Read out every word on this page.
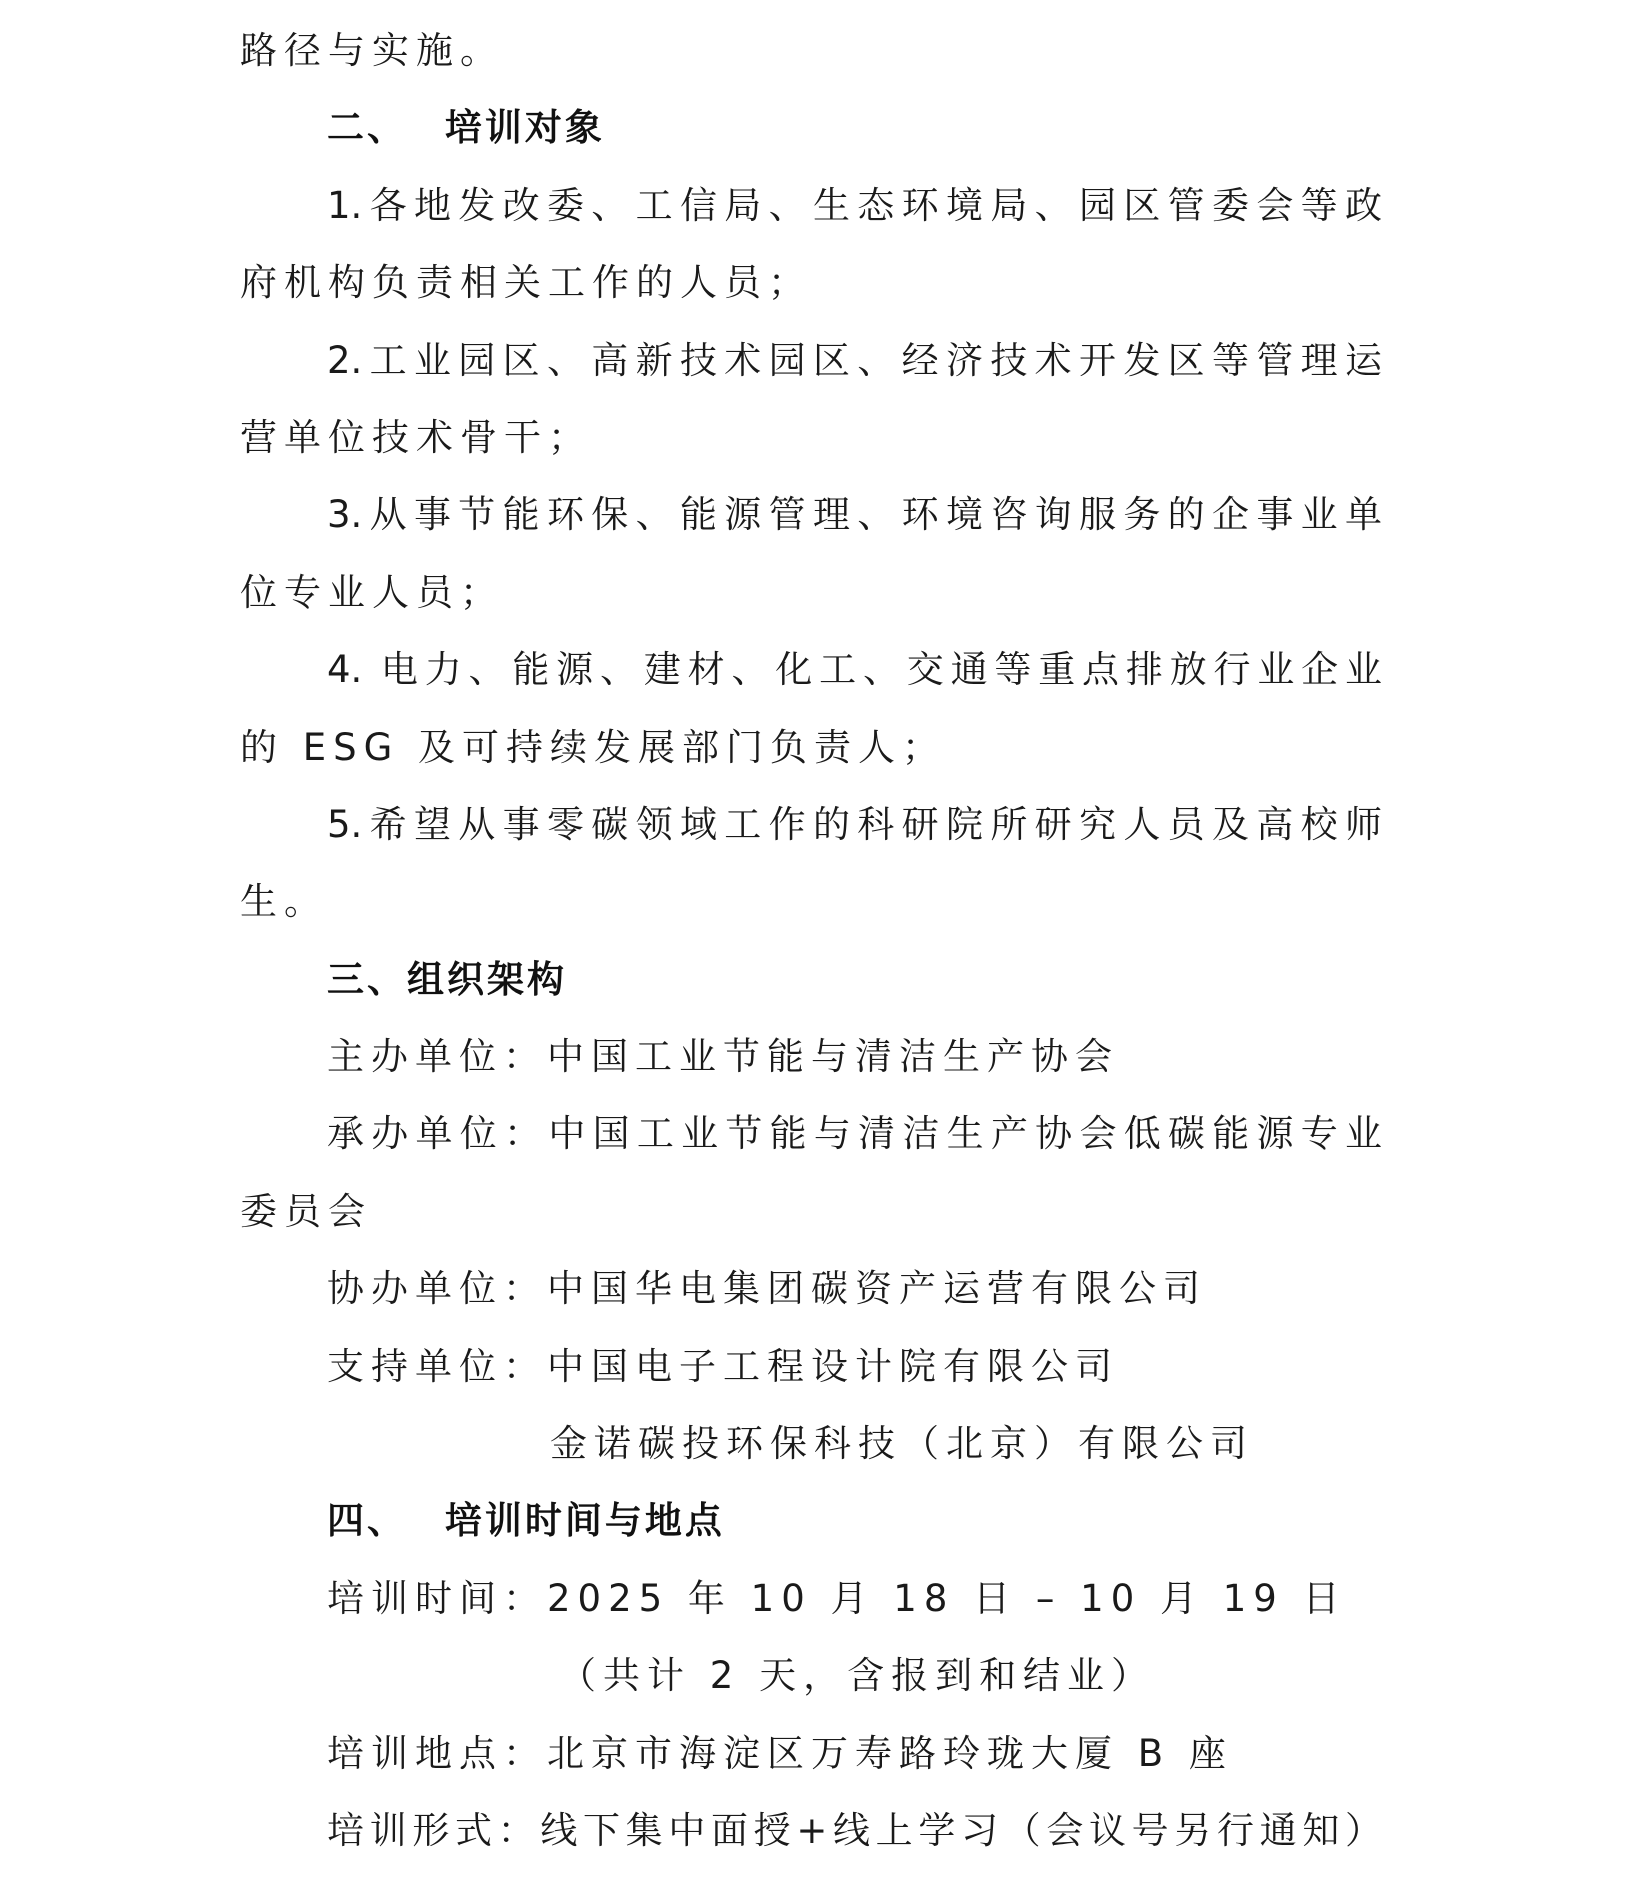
路径与实施。
二、 培训对象
1.各地发改委、工信局、生态环境局、园区管委会等政
府机构负责相关工作的人员；
2.工业园区、高新技术园区、经济技术开发区等管理运
营单位技术骨干；
3.从事节能环保、能源管理、环境咨询服务的企事业单
位专业人员；
4. 电力、能源、建材、化工、交通等重点排放行业企业
的 ESG 及可持续发展部门负责人；
5.希望从事零碳领域工作的科研院所研究人员及高校师
生。
三、组织架构
主办单位：中国工业节能与清洁生产协会
承办单位：中国工业节能与清洁生产协会低碳能源专业
委员会
协办单位：中国华电集团碳资产运营有限公司
支持单位：中国电子工程设计院有限公司
金诺碳投环保科技（北京）有限公司
四、 培训时间与地点
培训时间：2025 年 10 月 18 日 – 10 月 19 日
（共计 2 天，含报到和结业）
培训地点：北京市海淀区万寿路玲珑大厦 B 座
培训形式：线下集中面授+线上学习（会议号另行通知）
